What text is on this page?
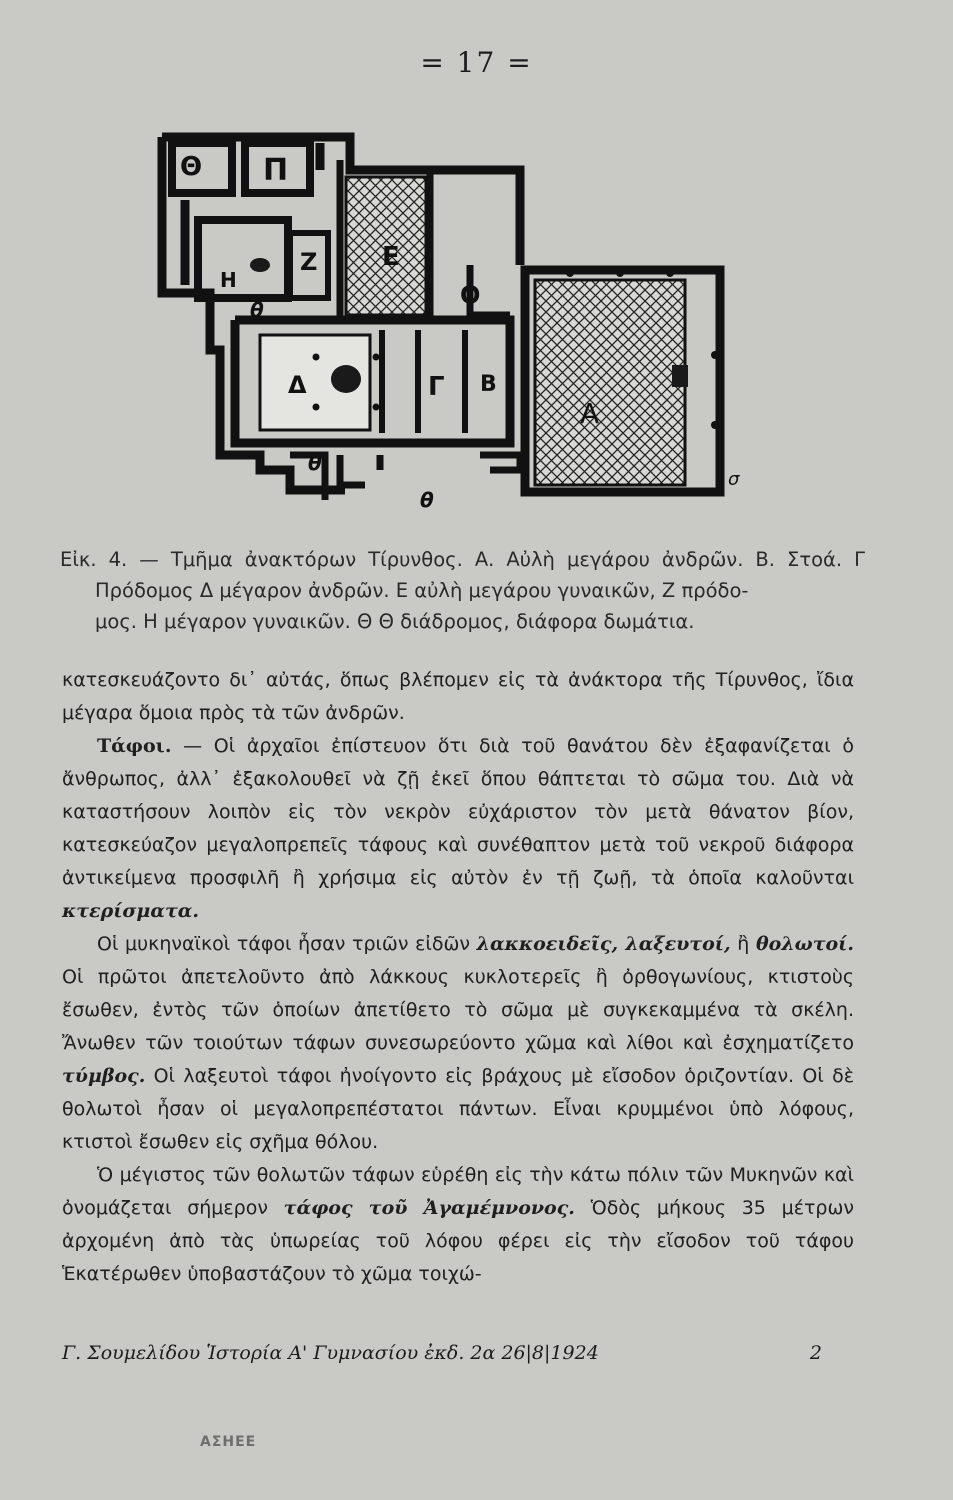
= 17 =
Θ Π
Η
Ζ Ε
Θ
Δ	Γ Β
Α
θ
θ
θ
σ

Εἰκ. 4. — Τμῆμα ἀνακτόρων Τίρυνθος. Α. Αὐλὴ μεγάρου ἀνδρῶν. Β. Στοά. Γ

Πρόδομος Δ μέγαρον ἀνδρῶν. Ε αὐλὴ μεγάρου γυναικῶν, Ζ πρόδο-

μος. Η μέγαρον γυναικῶν. Θ Θ διάδρομος, διάφορα δωμάτια.

κατεσκευάζοντο δι᾽ αὐτάς, ὅπως βλέπομεν εἰς τὰ ἀνάκτορα τῆς Τίρυνθος, ἴδια μέγαρα ὅμοια πρὸς τὰ τῶν ἀνδρῶν.

Τάφοι. — Οἱ ἀρχαῖοι ἐπίστευον ὅτι διὰ τοῦ θανάτου δὲν ἐξαφανίζεται ὁ ἄνθρωπος, ἀλλ᾽ ἐξακολουθεῖ νὰ ζῇ ἐκεῖ ὅπου θάπτεται τὸ σῶμα του. Διὰ νὰ καταστήσουν λοιπὸν εἰς τὸν νεκρὸν εὐχάριστον τὸν μετὰ θάνατον βίον, κατεσκεύαζον μεγαλοπρεπεῖς τάφους καὶ συνέθαπτον μετὰ τοῦ νεκροῦ διάφορα ἀντικείμενα προσφιλῆ ἢ χρήσιμα εἰς αὐτὸν ἐν τῇ ζωῇ, τὰ ὁποῖα καλοῦνται κτερίσματα.

Οἱ μυκηναϊκοὶ τάφοι ἦσαν τριῶν εἰδῶν λακκοειδεῖς, λαξευτοί, ἢ θολωτοί. Οἱ πρῶτοι ἀπετελοῦντο ἀπὸ λάκκους κυκλοτερεῖς ἢ ὀρθογωνίους, κτιστοὺς ἔσωθεν, ἐντὸς τῶν ὁποίων ἀπετίθετο τὸ σῶμα μὲ συγκεκαμμένα τὰ σκέλη. Ἄνωθεν τῶν τοιούτων τάφων συνεσωρεύοντο χῶμα καὶ λίθοι καὶ ἐσχηματίζετο τύμβος. Οἱ λαξευτοὶ τάφοι ἠνοίγοντο εἰς βράχους μὲ εἴσοδον ὁριζοντίαν. Οἱ δὲ θολωτοὶ ἦσαν οἱ μεγαλοπρεπέστατοι πάντων. Εἶναι κρυμμένοι ὑπὸ λόφους, κτιστοὶ ἔσωθεν εἰς σχῆμα θόλου.

Ὁ μέγιστος τῶν θολωτῶν τάφων εὑρέθη εἰς τὴν κάτω πόλιν τῶν Μυκηνῶν καὶ ὀνομάζεται σήμερον τάφος τοῦ Ἀγαμέμνονος. Ὁδὸς μήκους 35 μέτρων ἀρχομένη ἀπὸ τὰς ὑπωρείας τοῦ λόφου φέρει εἰς τὴν εἴσοδον τοῦ τάφου Ἑκατέρωθεν ὑποβαστάζουν τὸ χῶμα τοιχώ-

Γ. Σουμελίδου Ἱστορία Α' Γυμνασίου ἐκδ. 2α 26|8|1924	2
ΑΣΗΕΕ
